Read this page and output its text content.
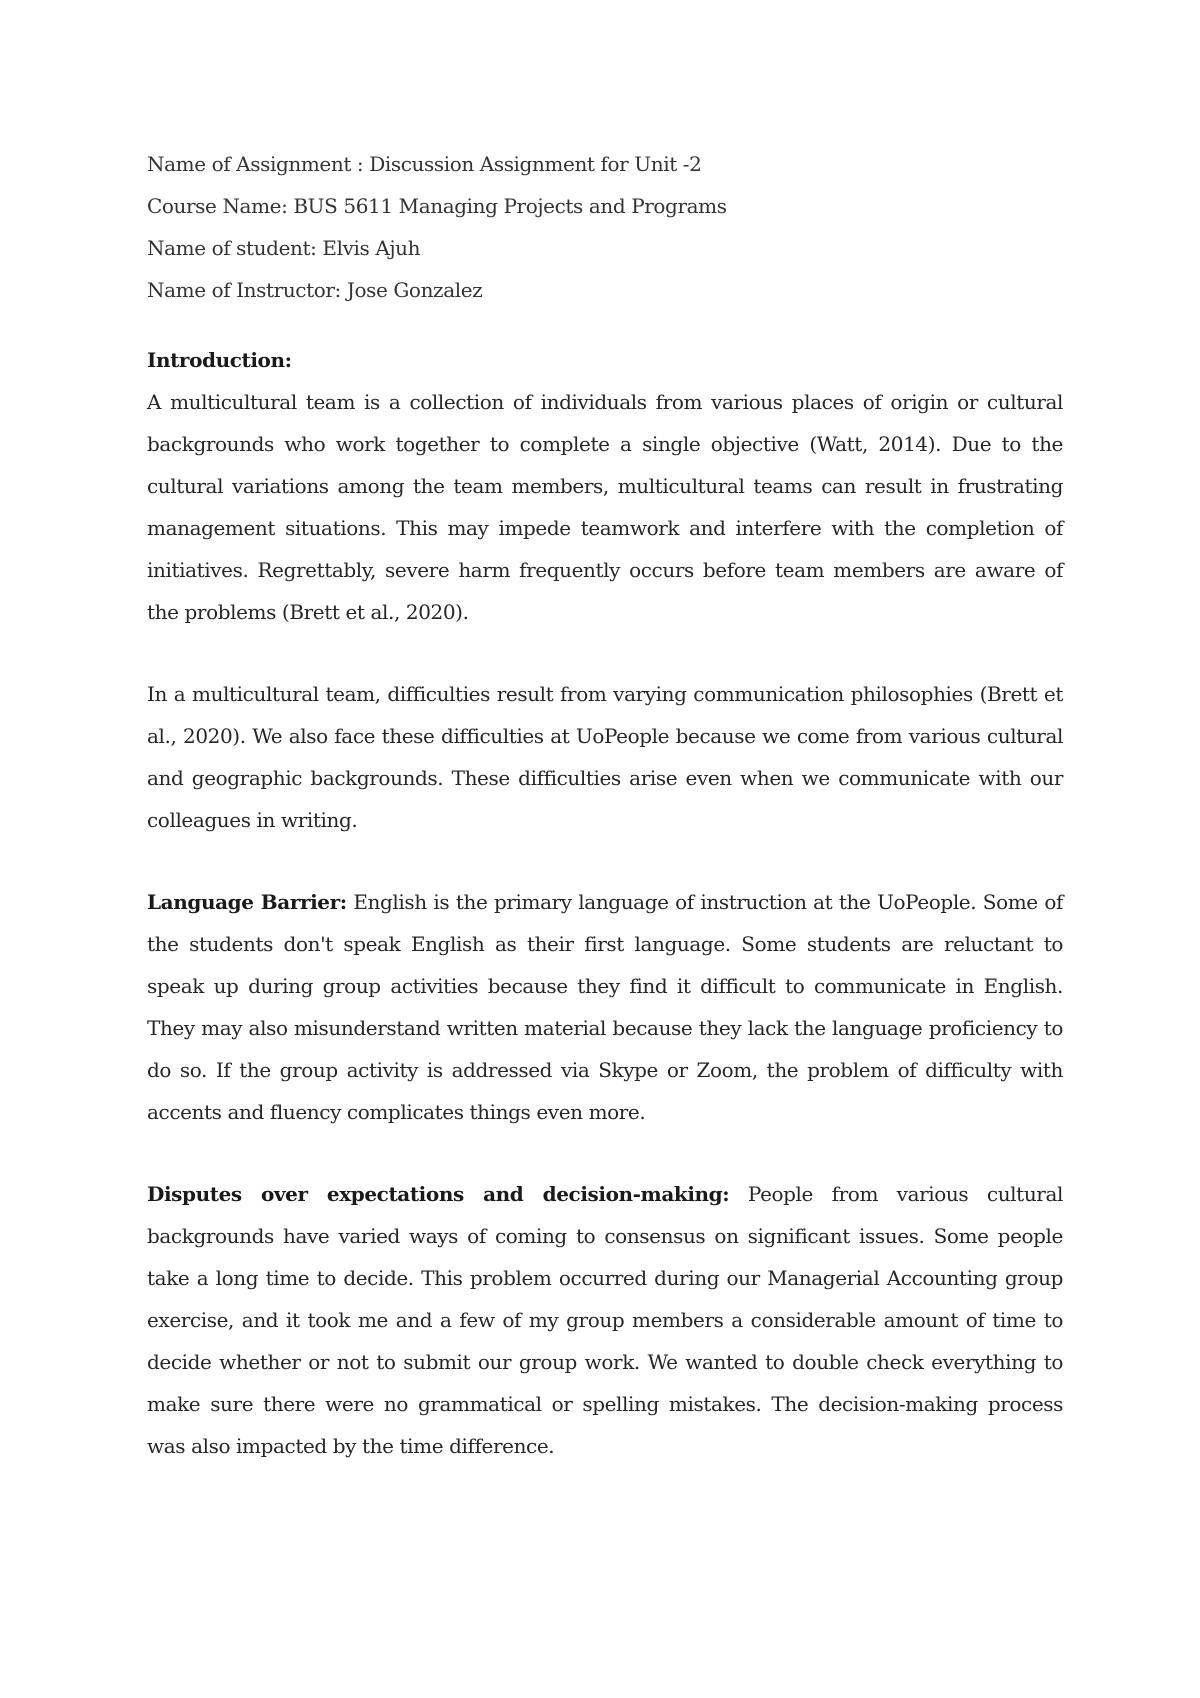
Name of Assignment : Discussion Assignment for Unit -2

Course Name: BUS 5611 Managing Projects and Programs

Name of student: Elvis Ajuh

Name of Instructor: Jose Gonzalez

Introduction:

A multicultural team is a collection of individuals from various places of origin or cultural backgrounds who work together to complete a single objective (Watt, 2014). Due to the cultural variations among the team members, multicultural teams can result in frustrating management situations. This may impede teamwork and interfere with the completion of initiatives. Regrettably, severe harm frequently occurs before team members are aware of the problems (Brett et al., 2020).

In a multicultural team, difficulties result from varying communication philosophies (Brett et al., 2020). We also face these difficulties at UoPeople because we come from various cultural and geographic backgrounds. These difficulties arise even when we communicate with our colleagues in writing.

Language Barrier: English is the primary language of instruction at the UoPeople. Some of the students don't speak English as their first language. Some students are reluctant to speak up during group activities because they find it difficult to communicate in English. They may also misunderstand written material because they lack the language proficiency to do so. If the group activity is addressed via Skype or Zoom, the problem of difficulty with accents and fluency complicates things even more.

Disputes over expectations and decision-making: People from various cultural backgrounds have varied ways of coming to consensus on significant issues. Some people take a long time to decide. This problem occurred during our Managerial Accounting group exercise, and it took me and a few of my group members a considerable amount of time to decide whether or not to submit our group work. We wanted to double check everything to make sure there were no grammatical or spelling mistakes. The decision-making process was also impacted by the time difference.
